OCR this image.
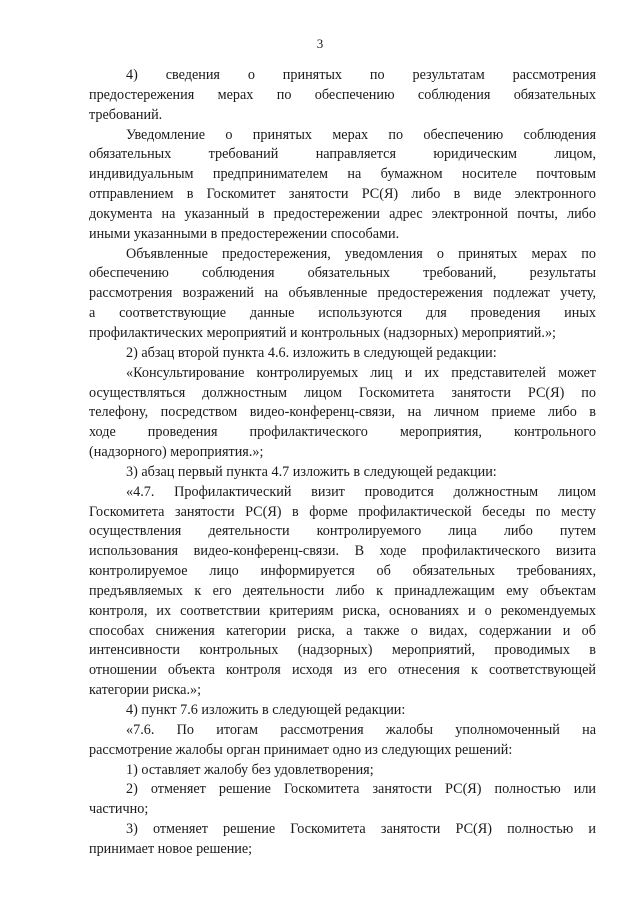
3
4) сведения о принятых по результатам рассмотрения
предостережения мерах по обеспечению соблюдения обязательных
требований.
Уведомление о принятых мерах по обеспечению соблюдения
обязательных требований направляется юридическим лицом,
индивидуальным предпринимателем на бумажном носителе почтовым
отправлением в Госкомитет занятости РС(Я) либо в виде электронного
документа на указанный в предостережении адрес электронной почты, либо
иными указанными в предостережении способами.
Объявленные предостережения, уведомления о принятых мерах по
обеспечению соблюдения обязательных требований, результаты
рассмотрения возражений на объявленные предостережения подлежат учету,
а соответствующие данные используются для проведения иных
профилактических мероприятий и контрольных (надзорных) мероприятий.»;
2) абзац второй пункта 4.6. изложить в следующей редакции:
«Консультирование контролируемых лиц и их представителей может
осуществляться должностным лицом Госкомитета занятости РС(Я) по
телефону, посредством видео-конференц-связи, на личном приеме либо в
ходе проведения профилактического мероприятия, контрольного
(надзорного) мероприятия.»;
3) абзац первый пункта 4.7 изложить в следующей редакции:
«4.7. Профилактический визит проводится должностным лицом
Госкомитета занятости РС(Я) в форме профилактической беседы по месту
осуществления деятельности контролируемого лица либо путем
использования видео-конференц-связи. В ходе профилактического визита
контролируемое лицо информируется об обязательных требованиях,
предъявляемых к его деятельности либо к принадлежащим ему объектам
контроля, их соответствии критериям риска, основаниях и о рекомендуемых
способах снижения категории риска, а также о видах, содержании и об
интенсивности контрольных (надзорных) мероприятий, проводимых в
отношении объекта контроля исходя из его отнесения к соответствующей
категории риска.»;
4) пункт 7.6 изложить в следующей редакции:
«7.6. По итогам рассмотрения жалобы уполномоченный на
рассмотрение жалобы орган принимает одно из следующих решений:
1) оставляет жалобу без удовлетворения;
2) отменяет решение Госкомитета занятости РС(Я) полностью или
частично;
3) отменяет решение Госкомитета занятости РС(Я) полностью и
принимает новое решение;
